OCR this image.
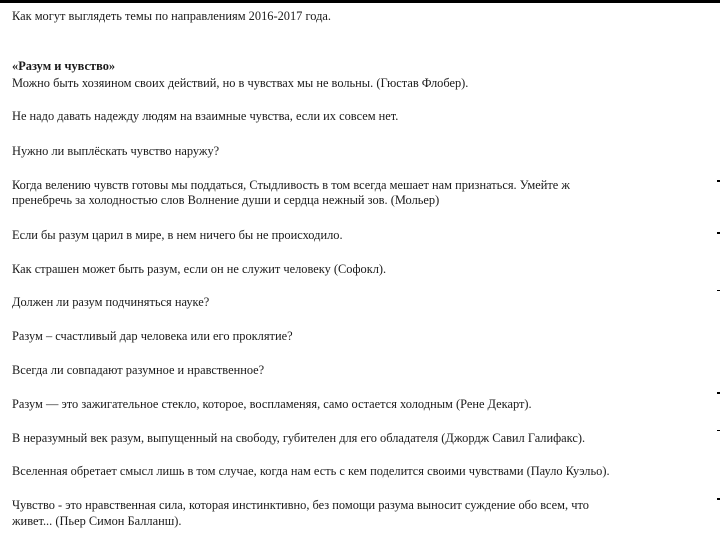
Как могут выглядеть темы по направлениям 2016-2017 года.
«Разум и чувство»
Можно быть хозяином своих действий, но в чувствах мы не вольны. (Гюстав Флобер).
Не надо давать надежду людям на взаимные чувства, если их совсем нет.
Нужно ли выплёскать чувство наружу?
Когда велению чувств готовы мы поддаться, Стыдливость в том всегда мешает нам признаться. Умейте ж
пренебречь за холодностью слов Волнение души и сердца нежный зов. (Мольер)
Если бы разум царил в мире, в нем ничего бы не происходило.
Как страшен может быть разум, если он не служит человеку (Софокл).
Должен ли разум подчиняться науке?
Разум – счастливый дар человека или его проклятие?
Всегда ли совпадают разумное и нравственное?
Разум — это зажигательное стекло, которое, воспламеняя, само остается холодным (Рене Декарт).
В неразумный век разум, выпущенный на свободу, губителен для его обладателя (Джордж Савил Галифакс).
Вселенная обретает смысл лишь в том случае, когда нам есть с кем поделится своими чувствами (Пауло Куэльо).
Чувство - это нравственная сила, которая инстинктивно, без помощи разума выносит суждение обо всем, что
живет... (Пьер Симон Балланш).
